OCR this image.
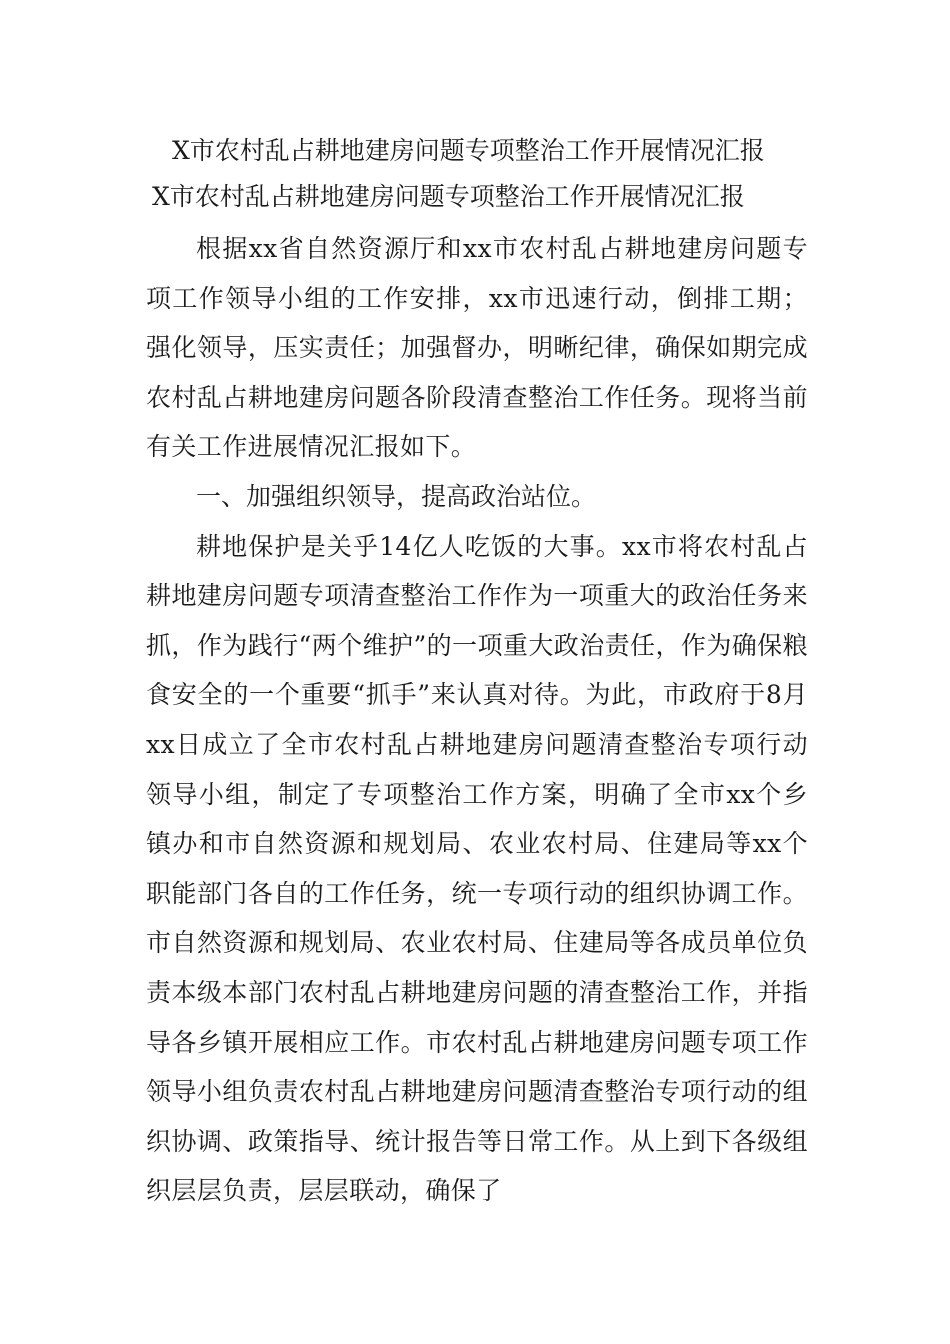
X市农村乱占耕地建房问题专项整治工作开展情况汇报
X市农村乱占耕地建房问题专项整治工作开展情况汇报

根据xx省自然资源厅和xx市农村乱占耕地建房问题专项工作领导小组的工作安排，xx市迅速行动，倒排工期；强化领导，压实责任；加强督办，明晰纪律，确保如期完成农村乱占耕地建房问题各阶段清查整治工作任务。现将当前有关工作进展情况汇报如下。

一、加强组织领导，提高政治站位。

耕地保护是关乎14亿人吃饭的大事。xx市将农村乱占耕地建房问题专项清查整治工作作为一项重大的政治任务来抓，作为践行“两个维护”的一项重大政治责任，作为确保粮食安全的一个重要“抓手”来认真对待。为此，市政府于8月xx日成立了全市农村乱占耕地建房问题清查整治专项行动领导小组，制定了专项整治工作方案，明确了全市xx个乡镇办和市自然资源和规划局、农业农村局、住建局等xx个职能部门各自的工作任务，统一专项行动的组织协调工作。市自然资源和规划局、农业农村局、住建局等各成员单位负责本级本部门农村乱占耕地建房问题的清查整治工作，并指导各乡镇开展相应工作。市农村乱占耕地建房问题专项工作领导小组负责农村乱占耕地建房问题清查整治专项行动的组织协调、政策指导、统计报告等日常工作。从上到下各级组织层层负责，层层联动，确保了
